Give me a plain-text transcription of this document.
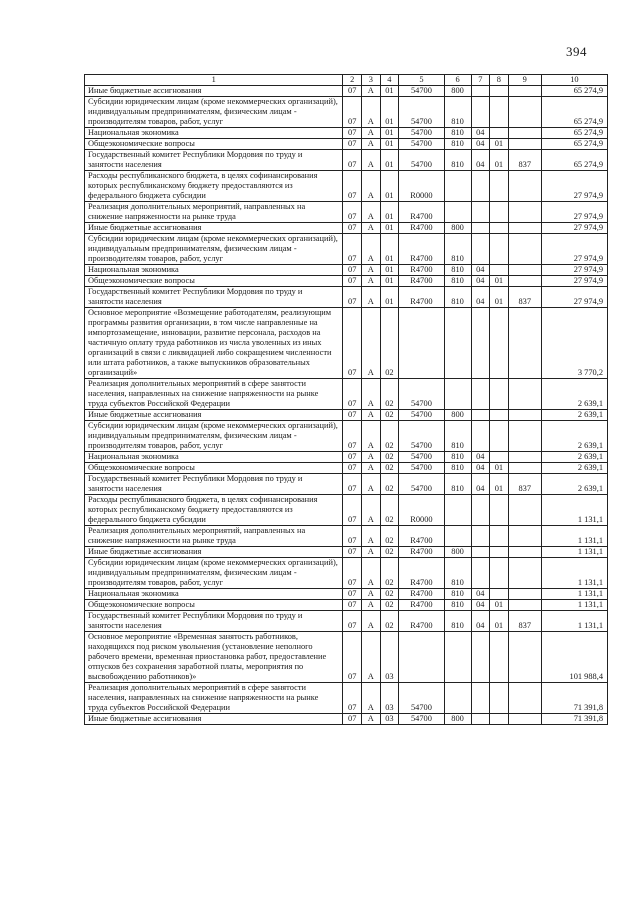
394
1	2	3	4	5	6	7	8	9	10
Иные бюджетные ассигнования	07	А	01	54700	800				65 274,9
Субсидии юридическим лицам (кроме некоммерческих организаций), индивидуальным предпринимателям, физическим лицам - производителям товаров, работ, услуг	07	А	01	54700	810				65 274,9
Национальная экономика	07	А	01	54700	810	04			65 274,9
Общеэкономические вопросы	07	А	01	54700	810	04	01		65 274,9
Государственный комитет Республики Мордовия по труду и занятости населения	07	А	01	54700	810	04	01	837	65 274,9
Расходы республиканского бюджета, в целях софинансирования которых республиканскому бюджету предоставляются из федерального бюджета субсидии	07	А	01	R0000					27 974,9
Реализация дополнительных мероприятий, направленных на снижение напряженности на рынке труда	07	А	01	R4700					27 974,9
Иные бюджетные ассигнования	07	А	01	R4700	800				27 974,9
Субсидии юридическим лицам (кроме некоммерческих организаций), индивидуальным предпринимателям, физическим лицам - производителям товаров, работ, услуг	07	А	01	R4700	810				27 974,9
Национальная экономика	07	А	01	R4700	810	04			27 974,9
Общеэкономические вопросы	07	А	01	R4700	810	04	01		27 974,9
Государственный комитет Республики Мордовия по труду и занятости населения	07	А	01	R4700	810	04	01	837	27 974,9
Основное мероприятие «Возмещение работодателям, реализующим программы развития организации, в том числе направленные на импортозамещение, инновации, развитие персонала, расходов на частичную оплату труда работников из числа уволенных из иных организаций в связи с ликвидацией либо сокращением численности или штата работников, а также выпускников образовательных организаций»	07	А	02						3 770,2
Реализация дополнительных мероприятий в сфере занятости населения, направленных на снижение напряженности на рынке труда субъектов Российской Федерации	07	А	02	54700					2 639,1
Иные бюджетные ассигнования	07	А	02	54700	800				2 639,1
Субсидии юридическим лицам (кроме некоммерческих организаций), индивидуальным предпринимателям, физическим лицам - производителям товаров, работ, услуг	07	А	02	54700	810				2 639,1
Национальная экономика	07	А	02	54700	810	04			2 639,1
Общеэкономические вопросы	07	А	02	54700	810	04	01		2 639,1
Государственный комитет Республики Мордовия по труду и занятости населения	07	А	02	54700	810	04	01	837	2 639,1
Расходы республиканского бюджета, в целях софинансирования которых республиканскому бюджету предоставляются из федерального бюджета субсидии	07	А	02	R0000					1 131,1
Реализация дополнительных мероприятий, направленных на снижение напряженности на рынке труда	07	А	02	R4700					1 131,1
Иные бюджетные ассигнования	07	А	02	R4700	800				1 131,1
Субсидии юридическим лицам (кроме некоммерческих организаций), индивидуальным предпринимателям, физическим лицам - производителям товаров, работ, услуг	07	А	02	R4700	810				1 131,1
Национальная экономика	07	А	02	R4700	810	04			1 131,1
Общеэкономические вопросы	07	А	02	R4700	810	04	01		1 131,1
Государственный комитет Республики Мордовия по труду и занятости населения	07	А	02	R4700	810	04	01	837	1 131,1
Основное мероприятие «Временная занятость работников, находящихся под риском увольнения (установление неполного рабочего времени, временная приостановка работ, предоставление отпусков без сохранения заработной платы, мероприятия по высвобождению работников)»	07	А	03						101 988,4
Реализация дополнительных мероприятий в сфере занятости населения, направленных на снижение напряженности на рынке труда субъектов Российской Федерации	07	А	03	54700					71 391,8
Иные бюджетные ассигнования	07	А	03	54700	800				71 391,8
